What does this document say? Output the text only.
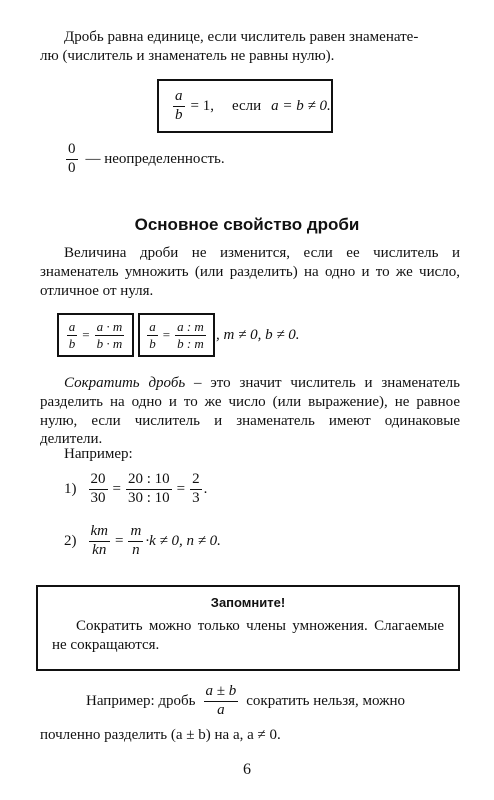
Дробь равна единице, если числитель равен знаменате-
лю (числитель и знаменатель не равны нулю).
$\frac{a}{b} = 1$, если a = b ≠ 0.
$\frac{0}{0}$ — неопределенность.
Основное свойство дроби

Величина дроби не изменится, если ее числитель и знаменатель умножить (или разделить) на одно и то же число, отличное от нуля.

$\frac{a}{b} = \frac{a \cdot m}{b \cdot m} \frac{a}{b} = \frac{a : m}{b : m}$ , m ≠ 0, b ≠ 0.

Сократить дробь – это значит числитель и знаменатель разделить на одно и то же число (или выражение), не равное нулю, если числитель и знаменатель имеют одинаковые делители.

Например:
$1) \frac{20}{30} = \frac{20 : 10}{30 : 10} = \frac{2}{3}$ .
$2) \frac{km}{kn} = \frac{m}{n} \cdot k \ne 0$, n ≠ 0.
Запомните!

Сократить можно только члены умножения. Слагаемые не сокращаются.

Например: дробь $\frac{a \pm b}{a}$ сократить нельзя, можно
почленно разделить (a ± b) на a, a ≠ 0.
6
